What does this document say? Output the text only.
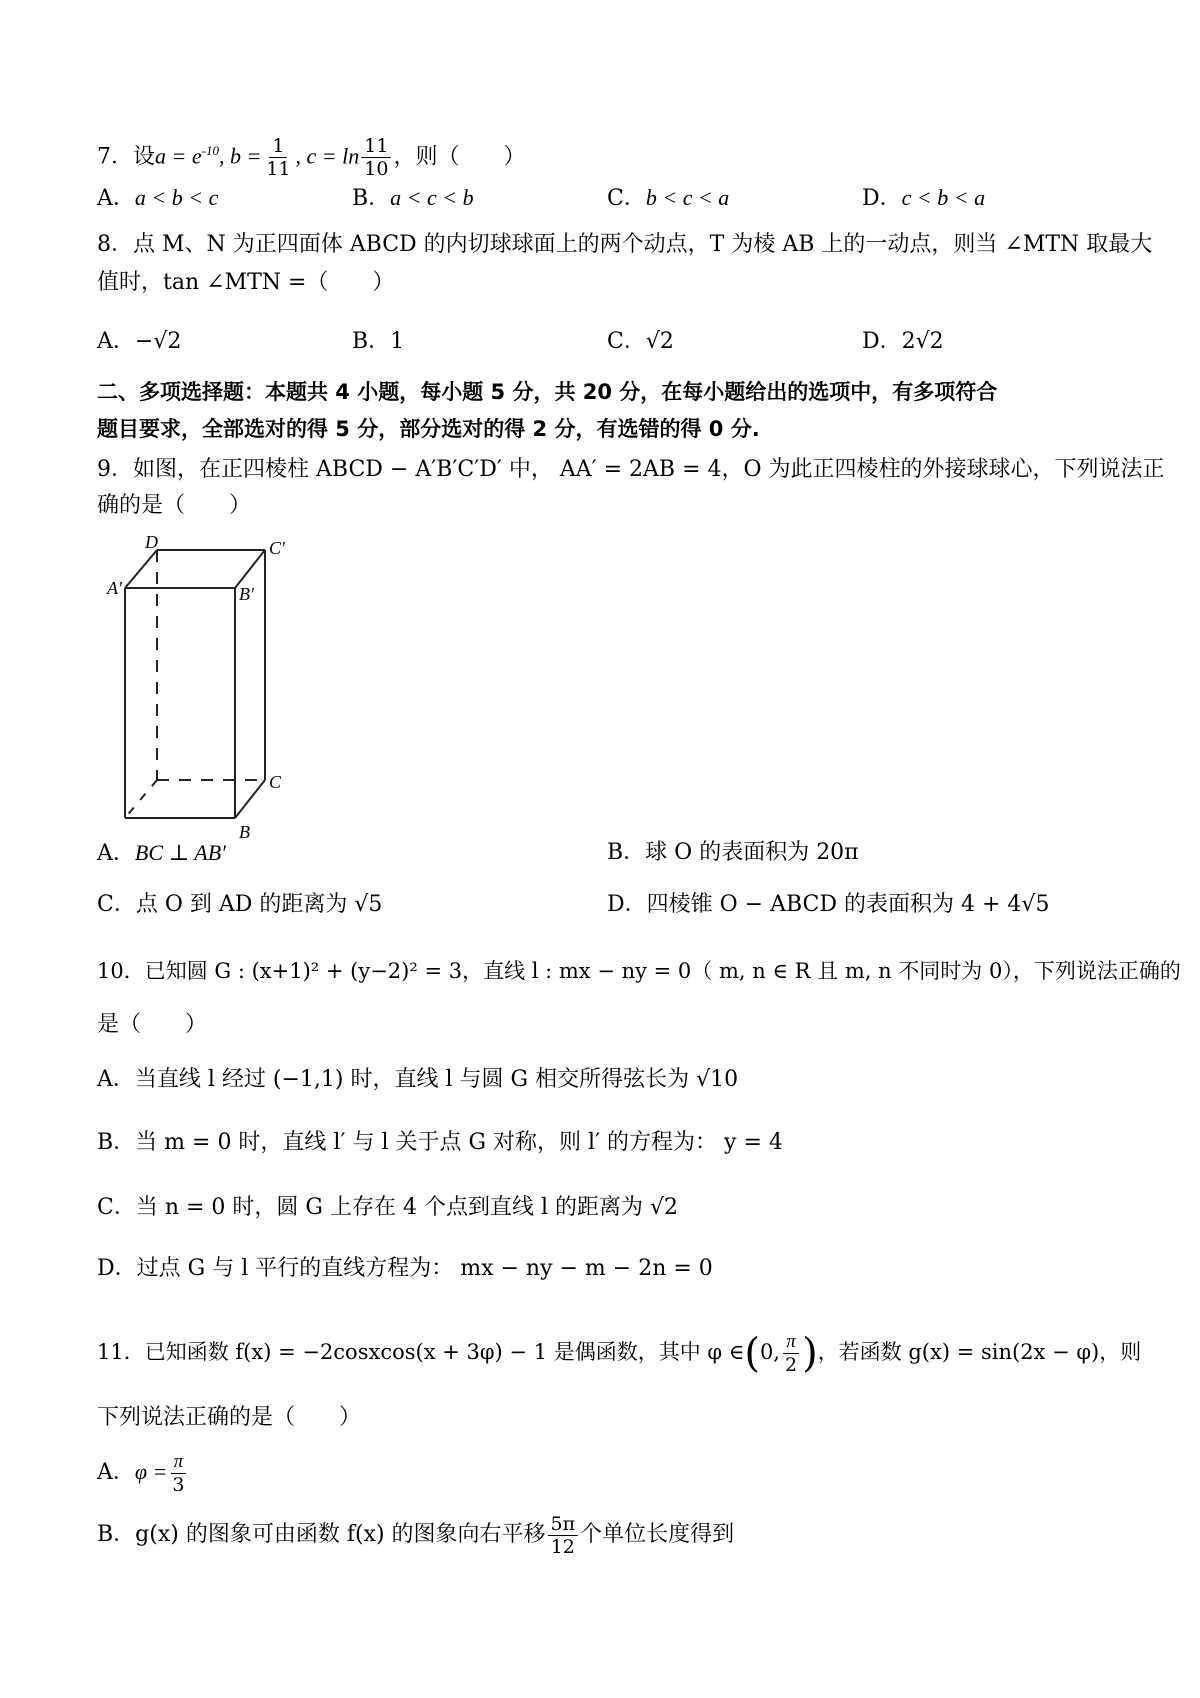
7．设$a = e^{-10}$, $b = \frac{1}{11}$ , $c = \ln \frac{11}{10}$ ，则（　　）
A．a < b < c	B．a < c < b	C．b < c < a	D．c < b < a
8．点 M、N 为正四面体 ABCD 的内切球球面上的两个动点，T 为棱 AB 上的一动点，则当 ∠MTN 取最大
值时，tan ∠MTN =（　　）
A．−√2	B．1	C．√2	D．2√2
二、多项选择题：本题共 4 小题，每小题 5 分，共 20 分，在每小题给出的选项中，有多项符合
题目要求，全部选对的得 5 分，部分选对的得 2 分，有选错的得 0 分.
9．如图，在正四棱柱 ABCD − A′B′C′D′ 中， AA′ = 2AB = 4，O 为此正四棱柱的外接球球心，下列说法正
确的是（　　）
D	C'
A'	B'
C
B
A．BC ⊥ AB′	B．球 O 的表面积为 20π
C．点 O 到 AD 的距离为 √5	D．四棱锥 O − ABCD 的表面积为 4 + 4√5
10．已知圆 G : (x+1)² + (y−2)² = 3，直线 l : mx − ny = 0（ m, n ∈ R 且 m, n 不同时为 0），下列说法正确的
是（　　）
A．当直线 l 经过 (−1,1) 时，直线 l 与圆 G 相交所得弦长为 √10
B．当 m = 0 时，直线 l′ 与 l 关于点 G 对称，则 l′ 的方程为： y = 4
C．当 n = 0 时，圆 G 上存在 4 个点到直线 l 的距离为 √2
D．过点 G 与 l 平行的直线方程为： mx − ny − m − 2n = 0
11．已知函数 f(x) = −2cosxcos(x + 3φ) − 1 是偶函数，其中 φ ∈(0, $\frac{\pi}{2}$ )，若函数 g(x) = sin(2x − φ)，则
下列说法正确的是（　　）
A．$\varphi = \frac{\pi}{3}$
B．g(x) 的图象可由函数 f(x) 的图象向右平移 $\frac{5\pi}{12}$ 个单位长度得到
